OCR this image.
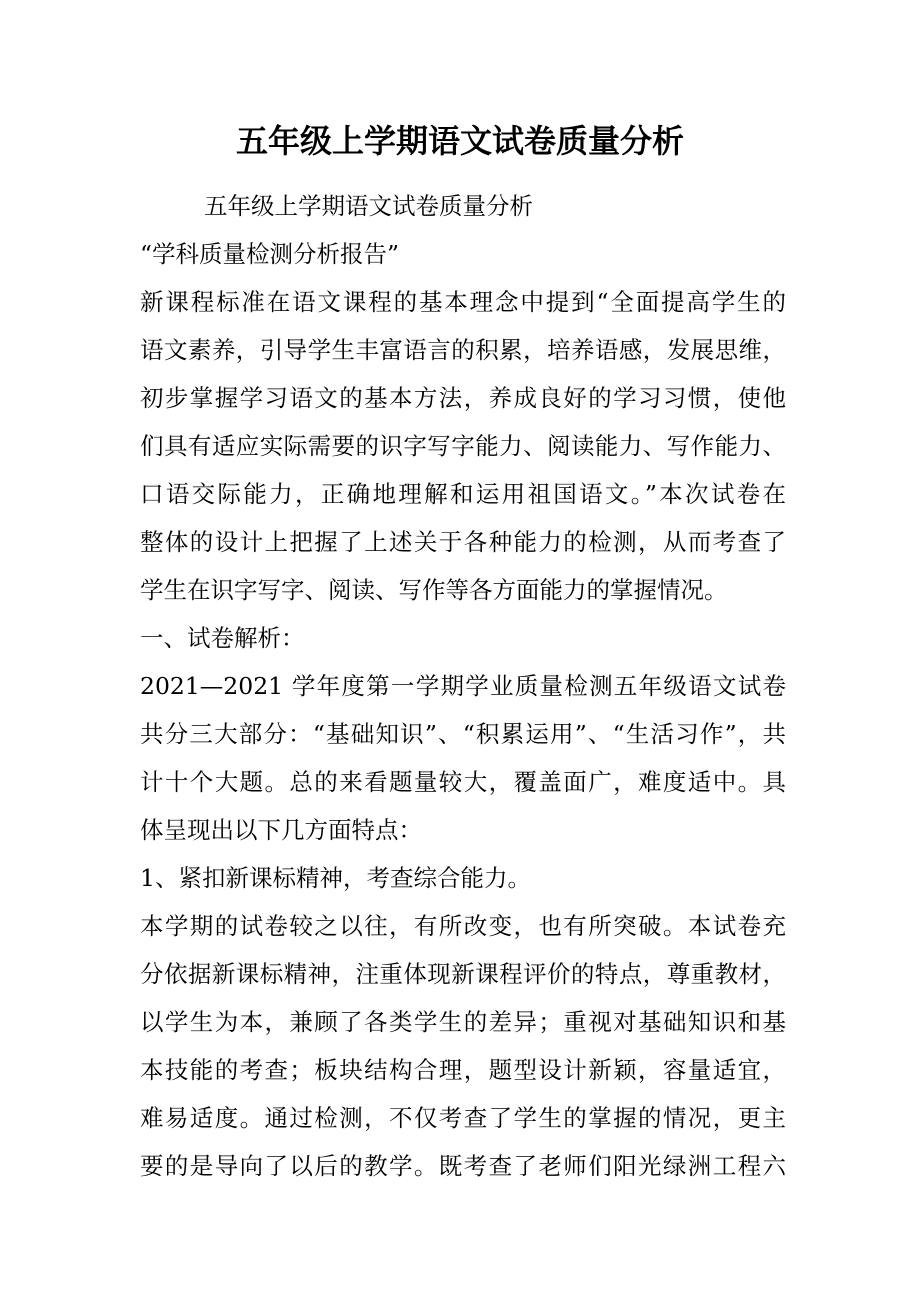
五年级上学期语文试卷质量分析
五年级上学期语文试卷质量分析
“学科质量检测分析报告”
新课程标准在语文课程的基本理念中提到“全面提高学生的
语文素养，引导学生丰富语言的积累，培养语感，发展思维，
初步掌握学习语文的基本方法，养成良好的学习习惯，使他
们具有适应实际需要的识字写字能力、阅读能力、写作能力、
口语交际能力，正确地理解和运用祖国语文。”本次试卷在
整体的设计上把握了上述关于各种能力的检测，从而考查了
学生在识字写字、阅读、写作等各方面能力的掌握情况。
一、试卷解析：
2021—2021 学年度第一学期学业质量检测五年级语文试卷
共分三大部分：“基础知识”、“积累运用”、“生活习作”，共
计十个大题。总的来看题量较大，覆盖面广，难度适中。具
体呈现出以下几方面特点：
1、紧扣新课标精神，考查综合能力。
本学期的试卷较之以往，有所改变，也有所突破。本试卷充
分依据新课标精神，注重体现新课程评价的特点，尊重教材，
以学生为本，兼顾了各类学生的差异；重视对基础知识和基
本技能的考查；板块结构合理，题型设计新颖，容量适宜，
难易适度。通过检测，不仅考查了学生的掌握的情况，更主
要的是导向了以后的教学。既考查了老师们阳光绿洲工程六
